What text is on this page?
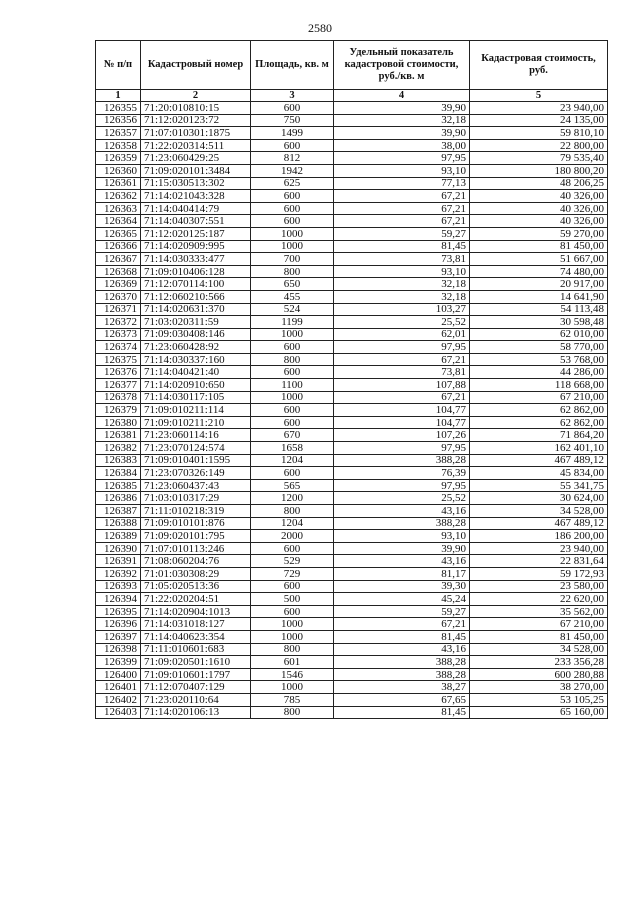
2580
№ п/п	Кадастровый номер	Площадь, кв. м	Удельный показатель кадастровой стоимости, руб./кв. м	Кадастровая стоимость, руб.
1	2	3	4	5
126355	71:20:010810:15	600	39,90	23 940,00
126356	71:12:020123:72	750	32,18	24 135,00
126357	71:07:010301:1875	1499	39,90	59 810,10
126358	71:22:020314:511	600	38,00	22 800,00
126359	71:23:060429:25	812	97,95	79 535,40
126360	71:09:020101:3484	1942	93,10	180 800,20
126361	71:15:030513:302	625	77,13	48 206,25
126362	71:14:021043:328	600	67,21	40 326,00
126363	71:14:040414:79	600	67,21	40 326,00
126364	71:14:040307:551	600	67,21	40 326,00
126365	71:12:020125:187	1000	59,27	59 270,00
126366	71:14:020909:995	1000	81,45	81 450,00
126367	71:14:030333:477	700	73,81	51 667,00
126368	71:09:010406:128	800	93,10	74 480,00
126369	71:12:070114:100	650	32,18	20 917,00
126370	71:12:060210:566	455	32,18	14 641,90
126371	71:14:020631:370	524	103,27	54 113,48
126372	71:03:020311:59	1199	25,52	30 598,48
126373	71:09:030408:146	1000	62,01	62 010,00
126374	71:23:060428:92	600	97,95	58 770,00
126375	71:14:030337:160	800	67,21	53 768,00
126376	71:14:040421:40	600	73,81	44 286,00
126377	71:14:020910:650	1100	107,88	118 668,00
126378	71:14:030117:105	1000	67,21	67 210,00
126379	71:09:010211:114	600	104,77	62 862,00
126380	71:09:010211:210	600	104,77	62 862,00
126381	71:23:060114:16	670	107,26	71 864,20
126382	71:23:070124:574	1658	97,95	162 401,10
126383	71:09:010401:1595	1204	388,28	467 489,12
126384	71:23:070326:149	600	76,39	45 834,00
126385	71:23:060437:43	565	97,95	55 341,75
126386	71:03:010317:29	1200	25,52	30 624,00
126387	71:11:010218:319	800	43,16	34 528,00
126388	71:09:010101:876	1204	388,28	467 489,12
126389	71:09:020101:795	2000	93,10	186 200,00
126390	71:07:010113:246	600	39,90	23 940,00
126391	71:08:060204:76	529	43,16	22 831,64
126392	71:01:030308:29	729	81,17	59 172,93
126393	71:05:020513:36	600	39,30	23 580,00
126394	71:22:020204:51	500	45,24	22 620,00
126395	71:14:020904:1013	600	59,27	35 562,00
126396	71:14:031018:127	1000	67,21	67 210,00
126397	71:14:040623:354	1000	81,45	81 450,00
126398	71:11:010601:683	800	43,16	34 528,00
126399	71:09:020501:1610	601	388,28	233 356,28
126400	71:09:010601:1797	1546	388,28	600 280,88
126401	71:12:070407:129	1000	38,27	38 270,00
126402	71:23:020110:64	785	67,65	53 105,25
126403	71:14:020106:13	800	81,45	65 160,00
